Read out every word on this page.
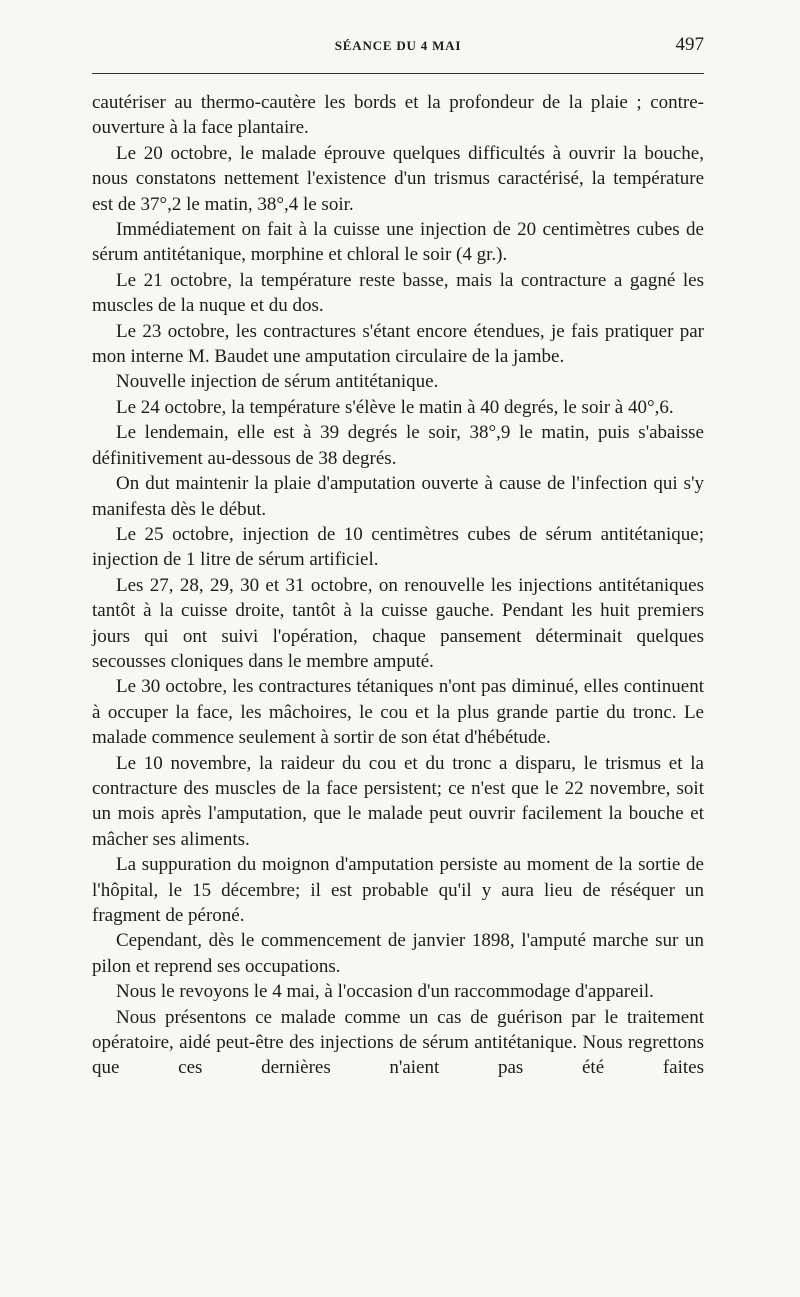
SÉANCE DU 4 MAI	497

cautériser au thermo-cautère les bords et la profondeur de la plaie ; contre-ouverture à la face plantaire.

Le 20 octobre, le malade éprouve quelques difficultés à ouvrir la bouche, nous constatons nettement l'existence d'un trismus caractérisé, la température est de 37°,2 le matin, 38°,4 le soir.

Immédiatement on fait à la cuisse une injection de 20 centimètres cubes de sérum antitétanique, morphine et chloral le soir (4 gr.).

Le 21 octobre, la température reste basse, mais la contracture a gagné les muscles de la nuque et du dos.

Le 23 octobre, les contractures s'étant encore étendues, je fais pratiquer par mon interne M. Baudet une amputation circulaire de la jambe.

Nouvelle injection de sérum antitétanique.

Le 24 octobre, la température s'élève le matin à 40 degrés, le soir à 40°,6.

Le lendemain, elle est à 39 degrés le soir, 38°,9 le matin, puis s'abaisse définitivement au-dessous de 38 degrés.

On dut maintenir la plaie d'amputation ouverte à cause de l'infection qui s'y manifesta dès le début.

Le 25 octobre, injection de 10 centimètres cubes de sérum antitétanique; injection de 1 litre de sérum artificiel.

Les 27, 28, 29, 30 et 31 octobre, on renouvelle les injections antitétaniques tantôt à la cuisse droite, tantôt à la cuisse gauche. Pendant les huit premiers jours qui ont suivi l'opération, chaque pansement déterminait quelques secousses cloniques dans le membre amputé.

Le 30 octobre, les contractures tétaniques n'ont pas diminué, elles continuent à occuper la face, les mâchoires, le cou et la plus grande partie du tronc. Le malade commence seulement à sortir de son état d'hébétude.

Le 10 novembre, la raideur du cou et du tronc a disparu, le trismus et la contracture des muscles de la face persistent; ce n'est que le 22 novembre, soit un mois après l'amputation, que le malade peut ouvrir facilement la bouche et mâcher ses aliments.

La suppuration du moignon d'amputation persiste au moment de la sortie de l'hôpital, le 15 décembre; il est probable qu'il y aura lieu de réséquer un fragment de péroné.

Cependant, dès le commencement de janvier 1898, l'amputé marche sur un pilon et reprend ses occupations.

Nous le revoyons le 4 mai, à l'occasion d'un raccommodage d'appareil.

Nous présentons ce malade comme un cas de guérison par le traitement opératoire, aidé peut-être des injections de sérum antitétanique. Nous regrettons que ces dernières n'aient pas été faites
